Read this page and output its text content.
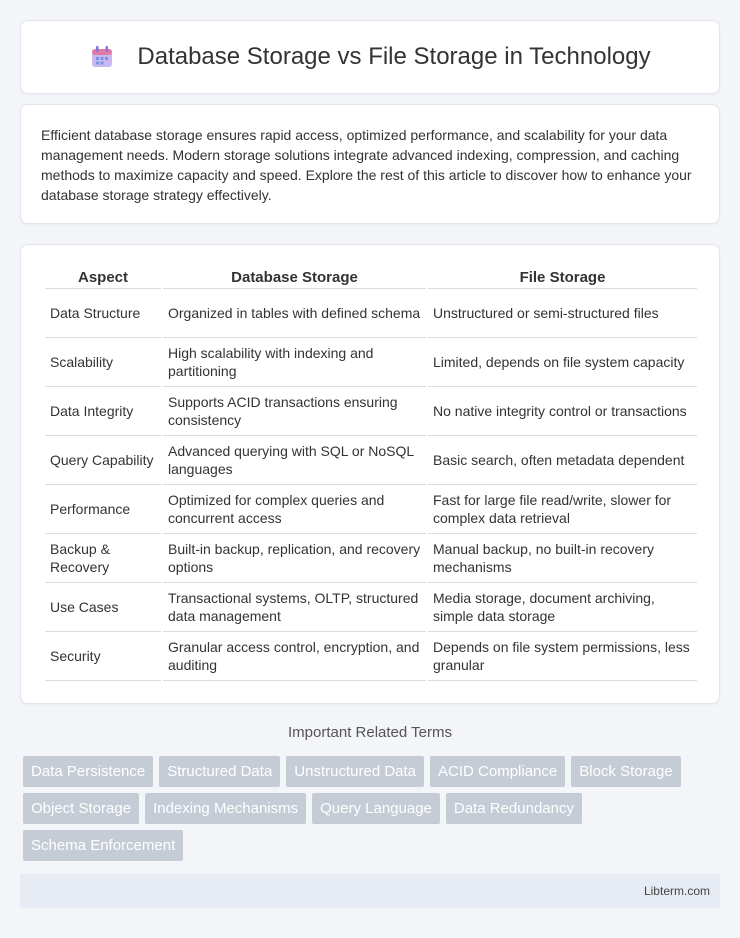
Database Storage vs File Storage in Technology

Efficient database storage ensures rapid access, optimized performance, and scalability for your data management needs. Modern storage solutions integrate advanced indexing, compression, and caching methods to maximize capacity and speed. Explore the rest of this article to discover how to enhance your database storage strategy effectively.

Aspect	Database Storage	File Storage
Data Structure	Organized in tables with defined schema	Unstructured or semi-structured files
Scalability	High scalability with indexing and partitioning	Limited, depends on file system capacity
Data Integrity	Supports ACID transactions ensuring consistency	No native integrity control or transactions
Query Capability	Advanced querying with SQL or NoSQL languages	Basic search, often metadata dependent
Performance	Optimized for complex queries and concurrent access	Fast for large file read/write, slower for complex data retrieval
Backup & Recovery	Built-in backup, replication, and recovery options	Manual backup, no built-in recovery mechanisms
Use Cases	Transactional systems, OLTP, structured data management	Media storage, document archiving, simple data storage
Security	Granular access control, encryption, and auditing	Depends on file system permissions, less granular
Important Related Terms
Data Persistence	Structured Data	Unstructured Data	ACID Compliance	Block Storage
Object Storage	Indexing Mechanisms	Query Language	Data Redundancy
Schema Enforcement
Libterm.com
